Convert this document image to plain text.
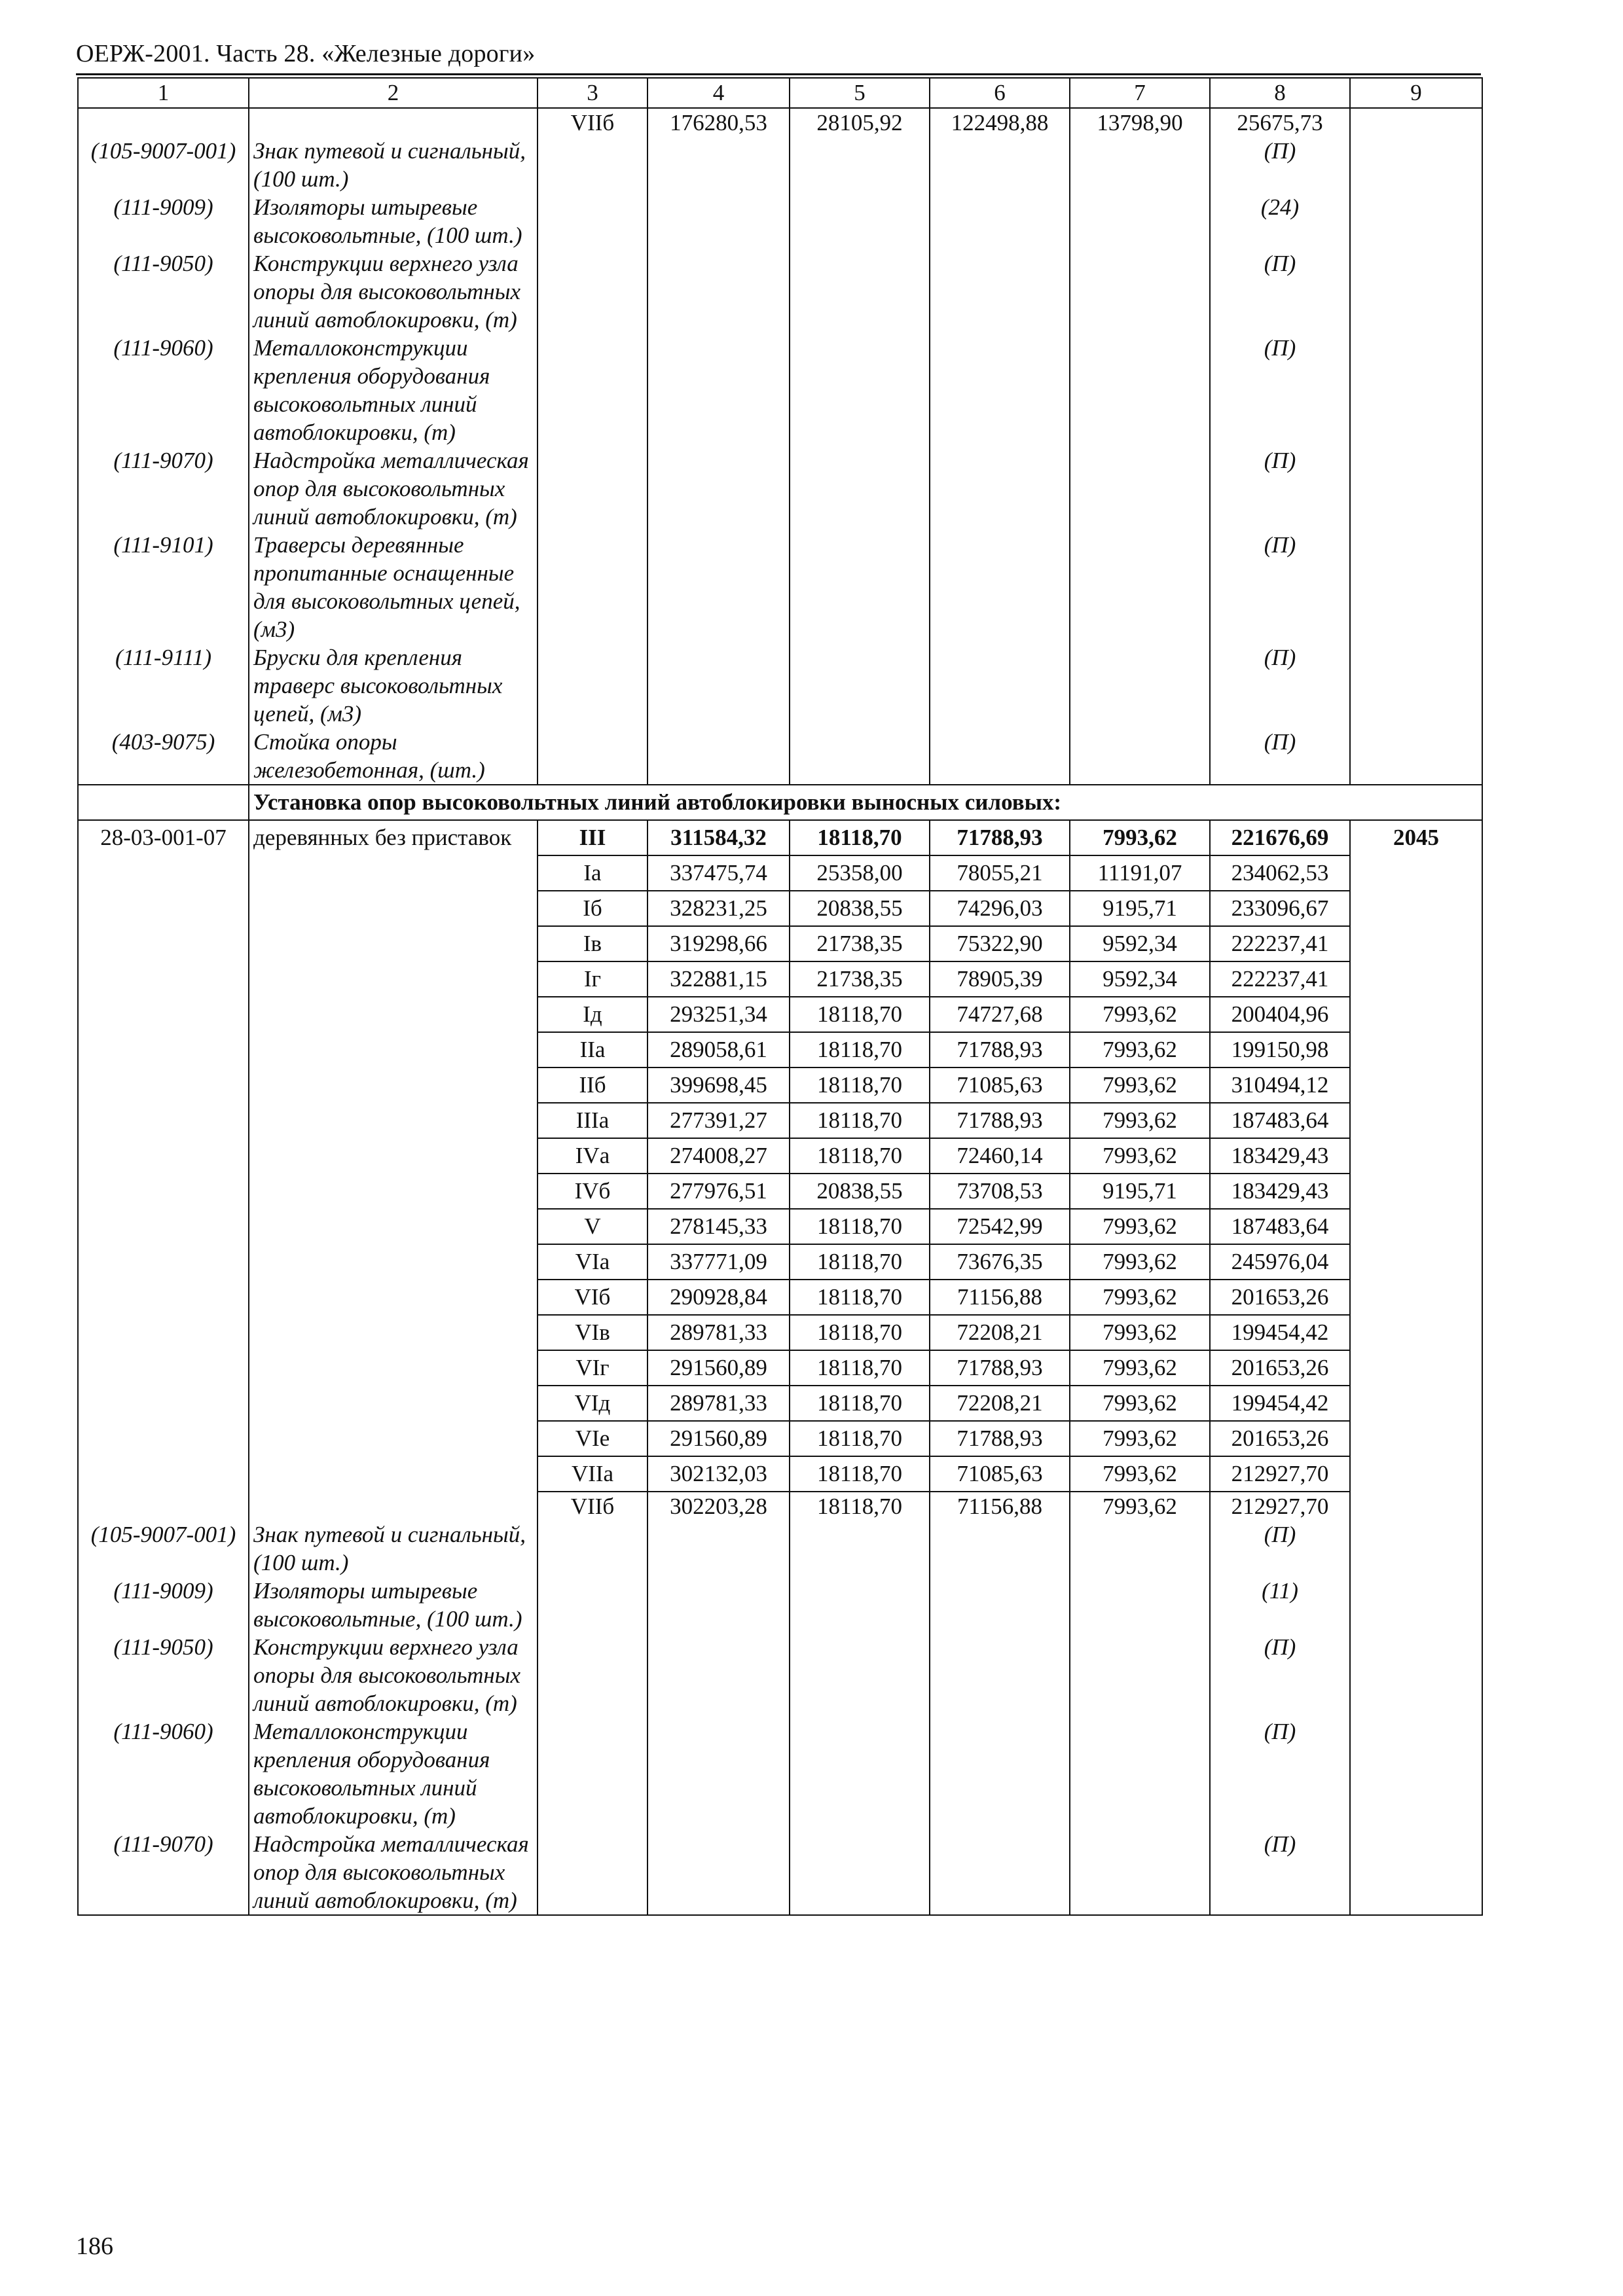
ОЕРЖ-2001. Часть 28. «Железные дороги»
1	2	3	4	5	6	7	8	9
		VIIб	176280,53	28105,92	122498,88	13798,90	25675,73	
(105-9007-001)	Знак путевой и сигнальный, (100 шт.)						(П)	
(111-9009)	Изоляторы штыревые высоковольтные, (100 шт.)						(24)	
(111-9050)	Конструкции верхнего узла опоры для высоковольтных линий автоблокировки, (т)						(П)	
(111-9060)	Металлоконструкции крепления оборудования высоковольтных линий автоблокировки, (т)						(П)	
(111-9070)	Надстройка металлическая опор для высоковольтных линий автоблокировки, (т)						(П)	
(111-9101)	Траверсы деревянные пропитанные оснащенные для высоковольтных цепей, (м3)						(П)	
(111-9111)	Бруски для крепления траверс высоковольтных цепей, (м3)						(П)	
(403-9075)	Стойка опоры железобетонная, (шт.)						(П)	
	Установка опор высоковольтных линий автоблокировки выносных силовых:							
28-03-001-07	деревянных без приставок	III	311584,32	18118,70	71788,93	7993,62	221676,69	2045
		Iа	337475,74	25358,00	78055,21	11191,07	234062,53	
		Iб	328231,25	20838,55	74296,03	9195,71	233096,67	
		Iв	319298,66	21738,35	75322,90	9592,34	222237,41	
		Iг	322881,15	21738,35	78905,39	9592,34	222237,41	
		Iд	293251,34	18118,70	74727,68	7993,62	200404,96	
		IIа	289058,61	18118,70	71788,93	7993,62	199150,98	
		IIб	399698,45	18118,70	71085,63	7993,62	310494,12	
		IIIа	277391,27	18118,70	71788,93	7993,62	187483,64	
		IVа	274008,27	18118,70	72460,14	7993,62	183429,43	
		IVб	277976,51	20838,55	73708,53	9195,71	183429,43	
		V	278145,33	18118,70	72542,99	7993,62	187483,64	
		VIа	337771,09	18118,70	73676,35	7993,62	245976,04	
		VIб	290928,84	18118,70	71156,88	7993,62	201653,26	
		VIв	289781,33	18118,70	72208,21	7993,62	199454,42	
		VIг	291560,89	18118,70	71788,93	7993,62	201653,26	
		VIд	289781,33	18118,70	72208,21	7993,62	199454,42	
		VIе	291560,89	18118,70	71788,93	7993,62	201653,26	
		VIIа	302132,03	18118,70	71085,63	7993,62	212927,70	
		VIIб	302203,28	18118,70	71156,88	7993,62	212927,70	
(105-9007-001)	Знак путевой и сигнальный, (100 шт.)						(П)	
(111-9009)	Изоляторы штыревые высоковольтные, (100 шт.)						(11)	
(111-9050)	Конструкции верхнего узла опоры для высоковольтных линий автоблокировки, (т)						(П)	
(111-9060)	Металлоконструкции крепления оборудования высоковольтных линий автоблокировки, (т)						(П)	
(111-9070)	Надстройка металлическая опор для высоковольтных линий автоблокировки, (т)						(П)	
186
